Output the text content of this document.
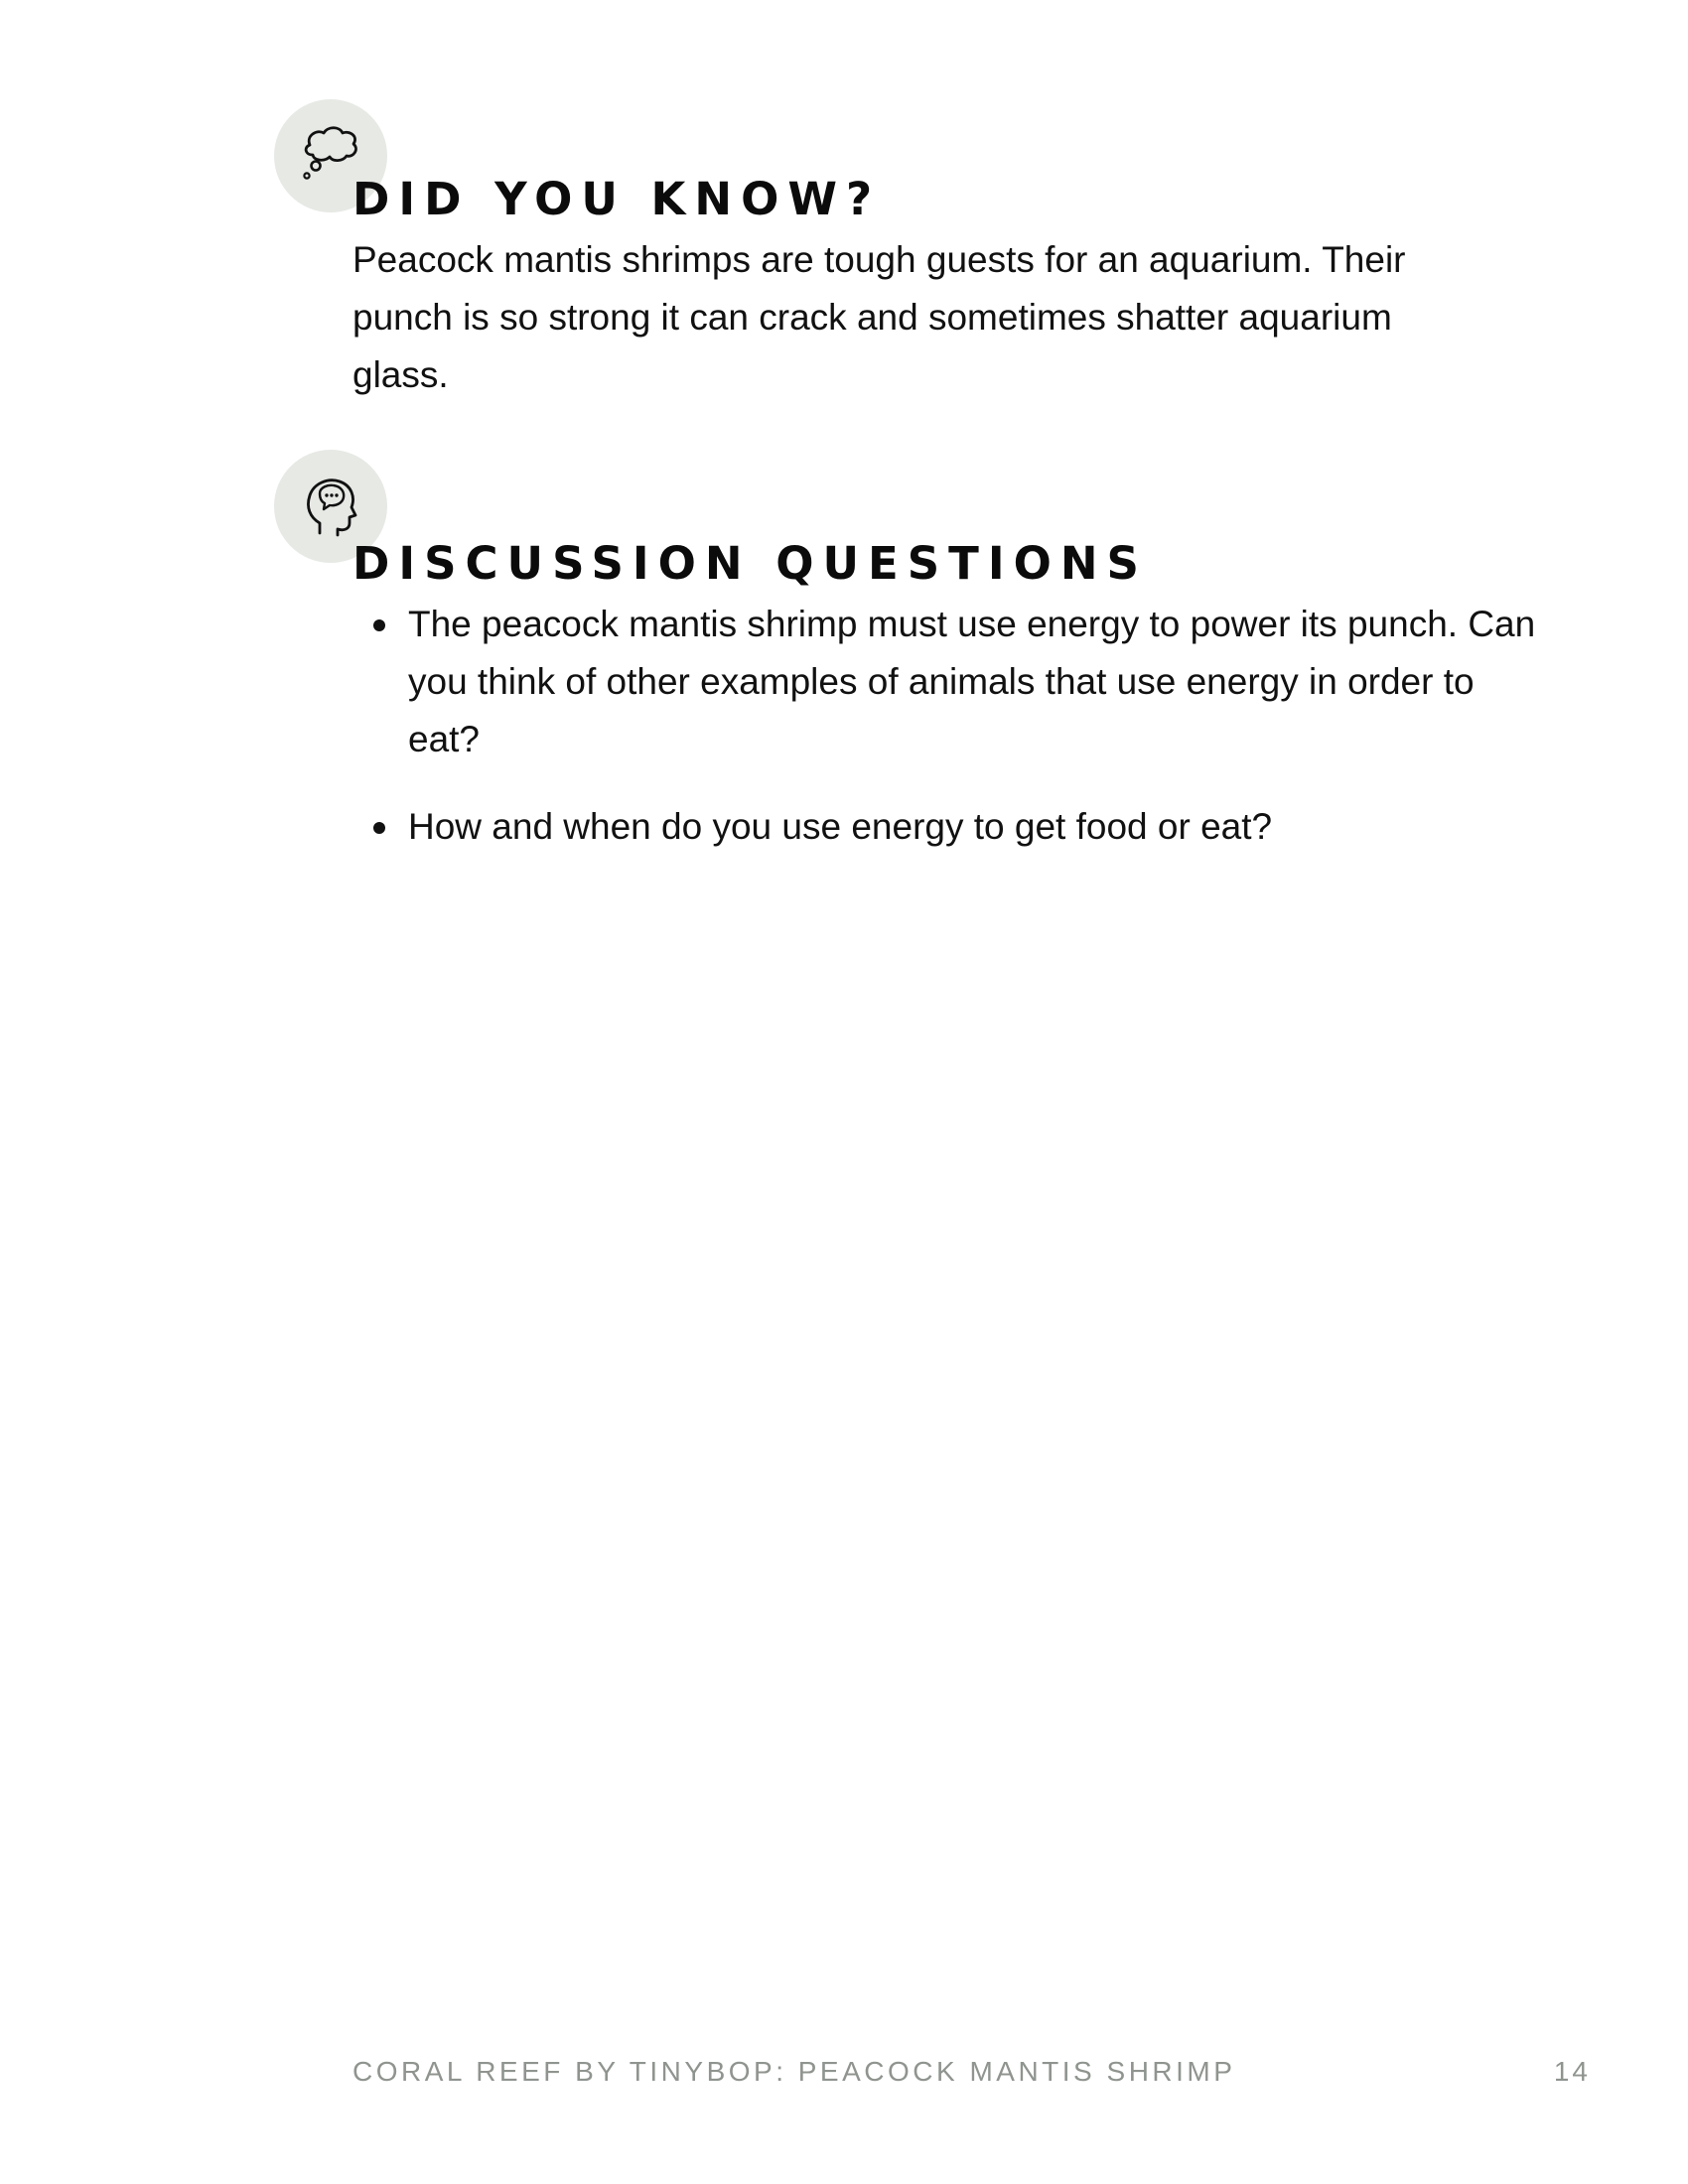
DID YOU KNOW?

Peacock mantis shrimps are tough guests for an aquarium. Their punch is so strong it can crack and sometimes shatter aquarium glass.

DISCUSSION QUESTIONS
The peacock mantis shrimp must use energy to power its punch. Can you think of other examples of animals that use energy in order to eat?
How and when do you use energy to get food or eat?

CORAL REEF BY TINYBOP: PEACOCK MANTIS SHRIMP	14
